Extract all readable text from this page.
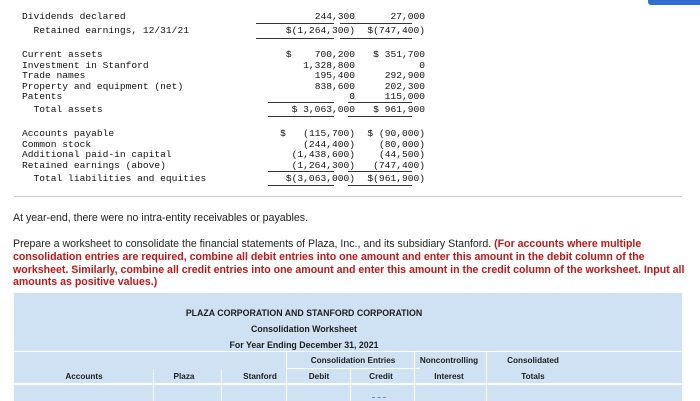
Dividends declared	244,300	27,000
Retained earnings, 12/31/21	$(1,264,300) $(747,400)
Current assets	$    700,200	$ 351,700
Investment in Stanford	1,328,800	0
Trade names	195,400	292,900
Property and equipment (net)	838,600	202,300
Patents	0	115,000
Total assets	$ 3,063,000	$ 961,900
Accounts payable	$   (115,700) $ (90,000)
Common stock	(244,400)	(80,000)
Additional paid-in capital	(1,438,600)	(44,500)
Retained earnings (above)	(1,264,300)	(747,400)
Total liabilities and equities	$(3,063,000) $(961,900)
At year-end, there were no intra-entity receivables or payables.
Prepare a worksheet to consolidate the financial statements of Plaza, Inc., and its subsidiary Stanford. (For accounts where multiple consolidation entries are required, combine all debit entries into one amount and enter this amount in the debit column of the worksheet. Similarly, combine all credit entries into one amount and enter this amount in the credit column of the worksheet. Input all amounts as positive values.)
PLAZA CORPORATION AND STANFORD CORPORATION
Consolidation Worksheet
For Year Ending December 31, 2021
Consolidation Entries	Noncontrolling	Consolidated
Accounts	Plaza	Stanford	Debit	Credit	Interest	Totals
